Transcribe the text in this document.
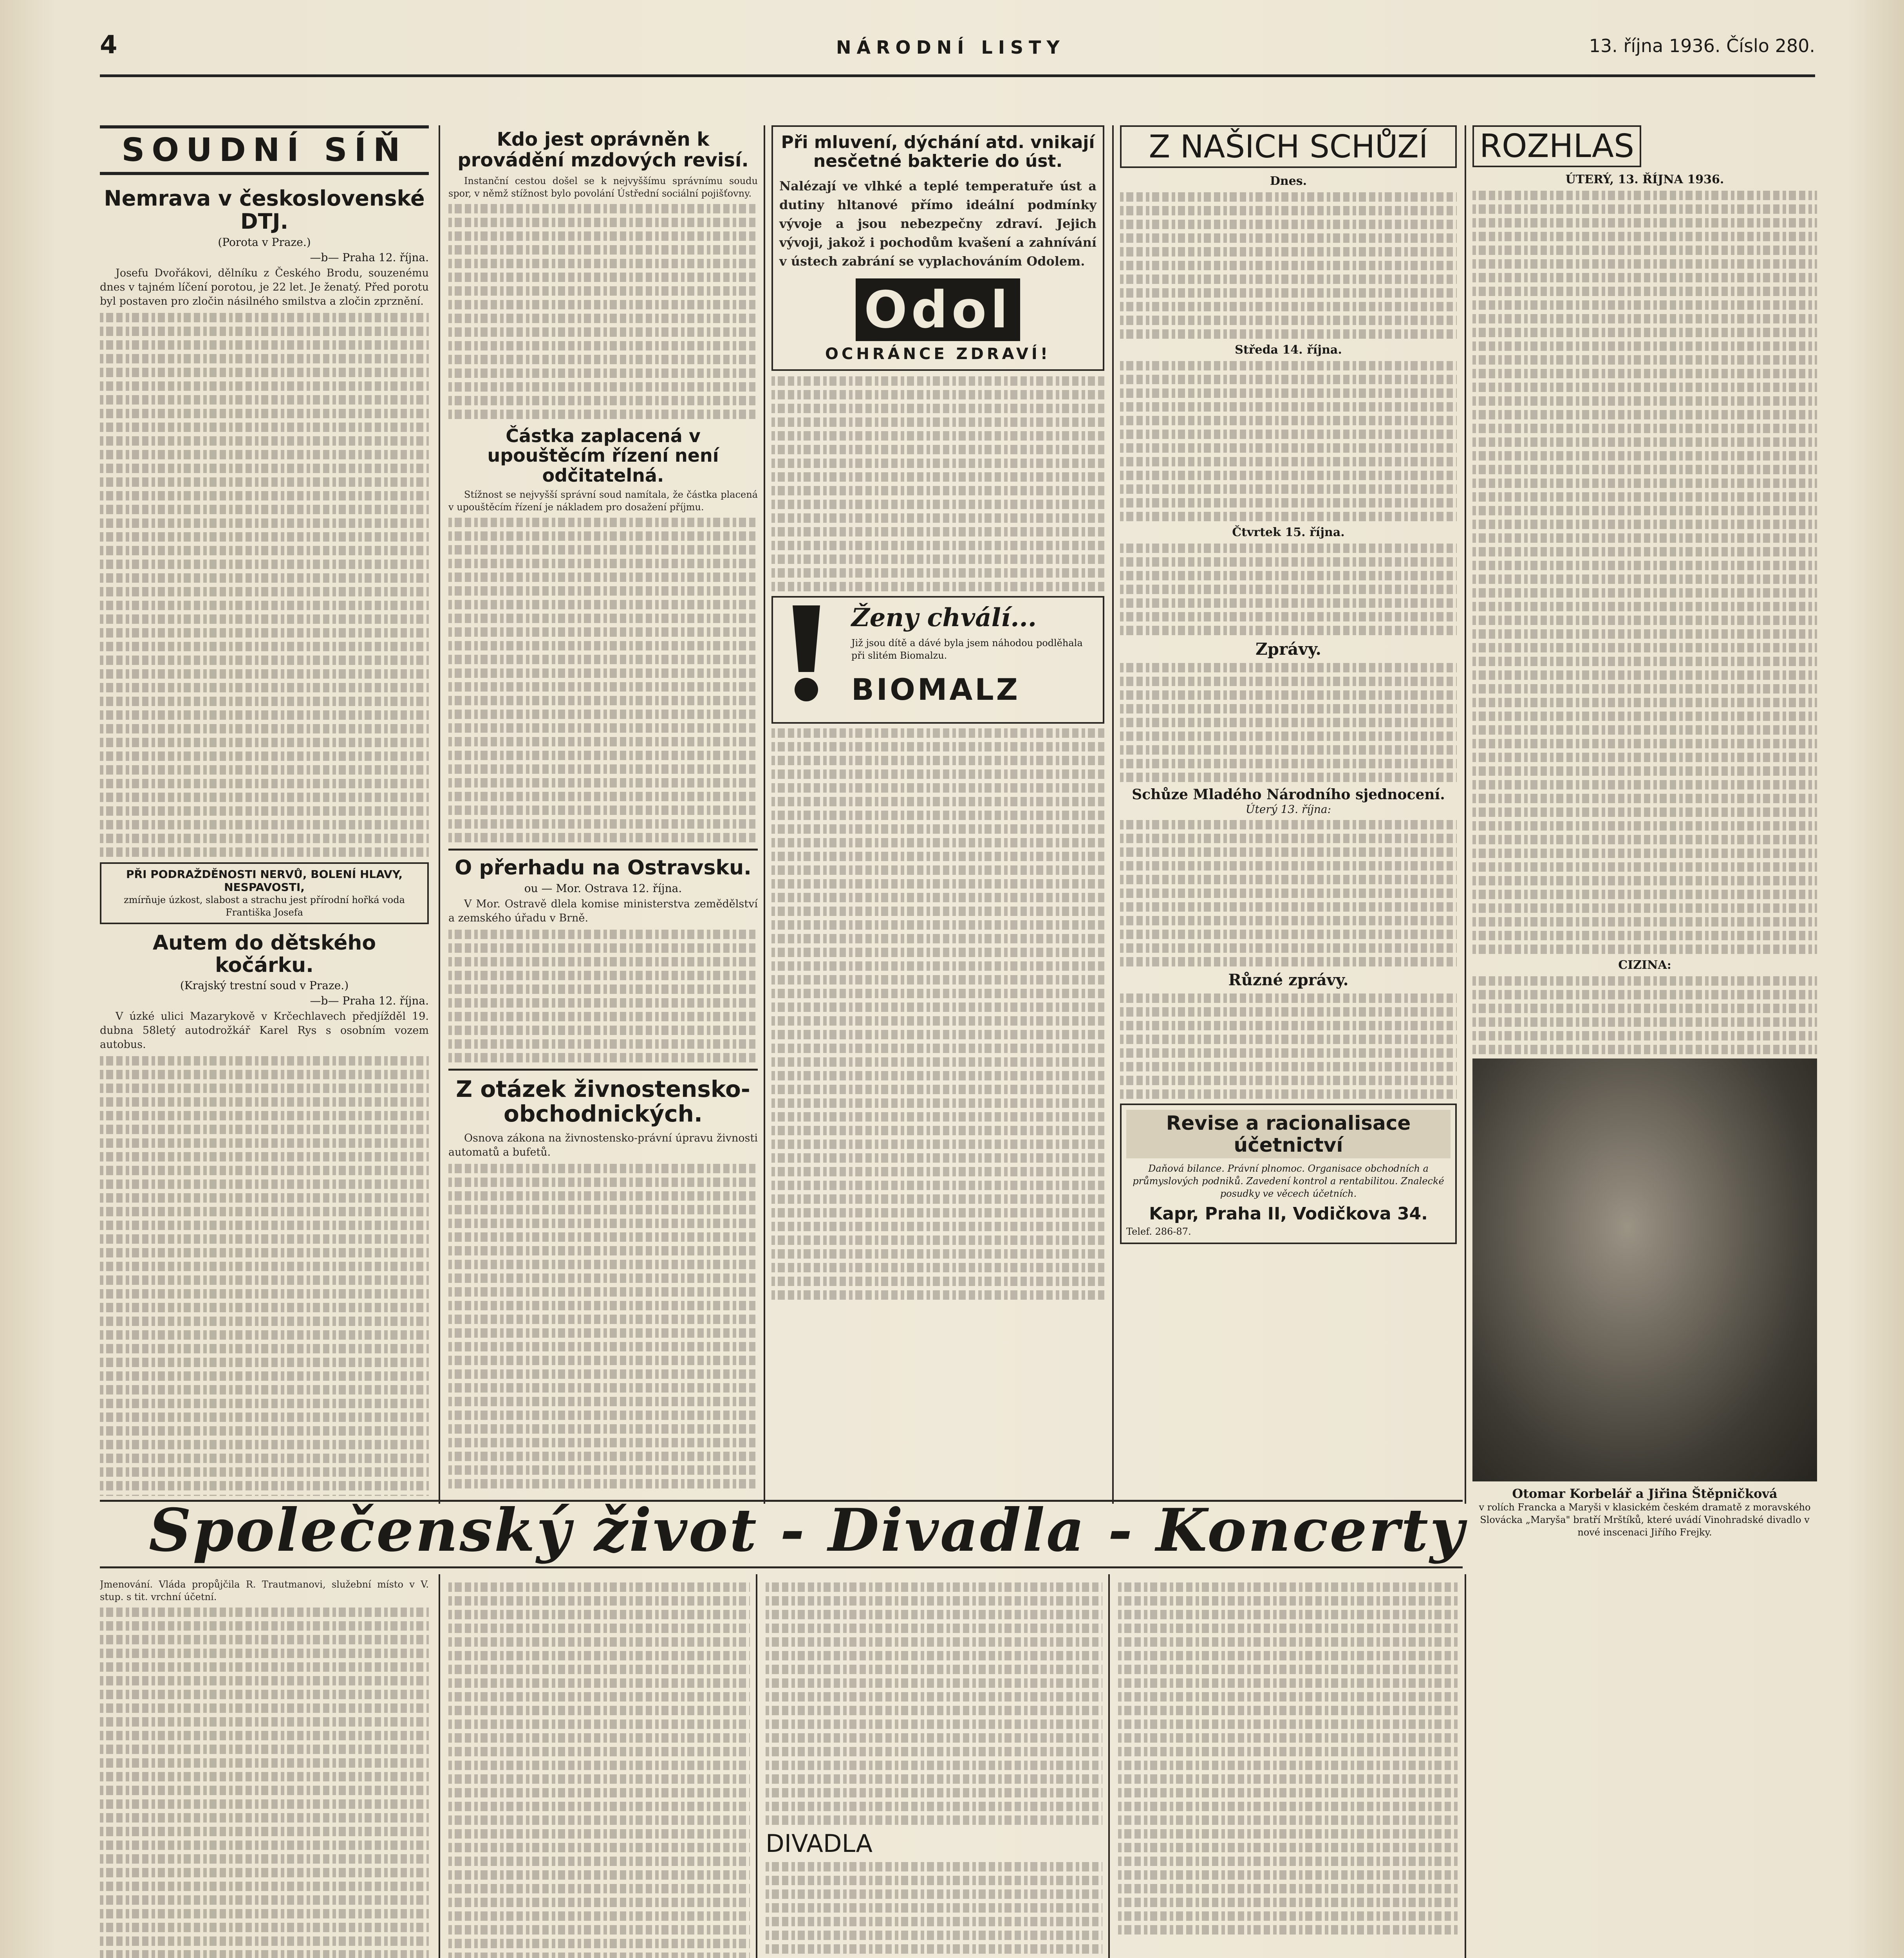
4	NÁRODNÍ LISTY	13. října 1936. Číslo 280.
SOUDNÍ SÍŇ
Nemrava v československé DTJ.
(Porota v Praze.)
—b— Praha 12. října.

Josefu Dvořákovi, dělníku z Českého Brodu, souzenému dnes v tajném líčení porotou, je 22 let. Je ženatý. Před porotu byl postaven pro zločin násilného smilstva a zločin zprznění.

PŘI PODRAŽDĚNOSTI NERVŮ, BOLENÍ HLAVY, NESPAVOSTI,
zmírňuje úzkost, slabost a strachu jest přírodní hořká voda Františka Josefa
Autem do dětského kočárku.
(Krajský trestní soud v Praze.)
—b— Praha 12. října.

V úzké ulici Mazarykově v Krčechlavech předjížděl 19. dubna 58letý autodrožkář Karel Rys s osobním vozem autobus.

Kdo jest oprávněn k provádění mzdových revisí.

Instanční cestou došel se k nejvyššímu správnímu soudu spor, v němž stížnost bylo povolání Ústřední sociální pojišťovny.

Částka zaplacená v upouštěcím řízení není odčitatelná.

Stížnost se nejvyšší správní soud namítala, že částka placená v upouštěcím řízení je nákladem pro dosažení příjmu.

O přerhadu na Ostravsku.
ou — Mor. Ostrava 12. října.

V Mor. Ostravě dlela komise ministerstva zemědělství a zemského úřadu v Brně.

Z otázek živnostensko-obchodnických.

Osnova zákona na živnostensko-právní úpravu živnosti automatů a bufetů.

Při mluvení, dýchání atd. vnikají nesčetné bakterie do úst.
Nalézají ve vlhké a teplé temperatuře úst a dutiny hltanové přímo ideální podmínky vývoje a jsou nebezpečny zdraví. Jejich vývoji, jakož i pochodům kvašení a zahnívání v ústech zabrání se vyplachováním Odolem.
Odol
OCHRÁNCE ZDRAVÍ!
Ženy chválí...
Již jsou dítě a dávé byla jsem náhodou podlěhala při slitém Biomalzu.
BIOMALZ
Z NAŠICH SCHŮZÍ
Dnes.
Středa 14. října.
Čtvrtek 15. října.
Zprávy.
Schůze Mladého Národního sjednocení.
Úterý 13. října:
Různé zprávy.
Revise a racionalisace účetnictví
Daňová bilance. Právní plnomoc. Organisace obchodních a průmyslových podniků. Zavedení kontrol a rentabilitou. Znalecké posudky ve věcech účetních.
Kapr, Praha II, Vodičkova 34.
Telef. 286-87.
ROZHLAS
ÚTERÝ, 13. ŘÍJNA 1936.
CIZINA:
Otomar Korbelář a Jiřina Štěpničková
v rolích Francka a Maryši v klasickém českém dramatě z moravského Slovácka „Maryša" bratří Mrštíků, které uvádí Vinohradské divadlo v nové inscenaci Jiřího Frejky.
Společenský život - Divadla - Koncerty
Jmenování. Vláda propůjčila R. Trautmanovi, služební místo v V. stup. s tit. vrchní účetní.
DIVADLA
